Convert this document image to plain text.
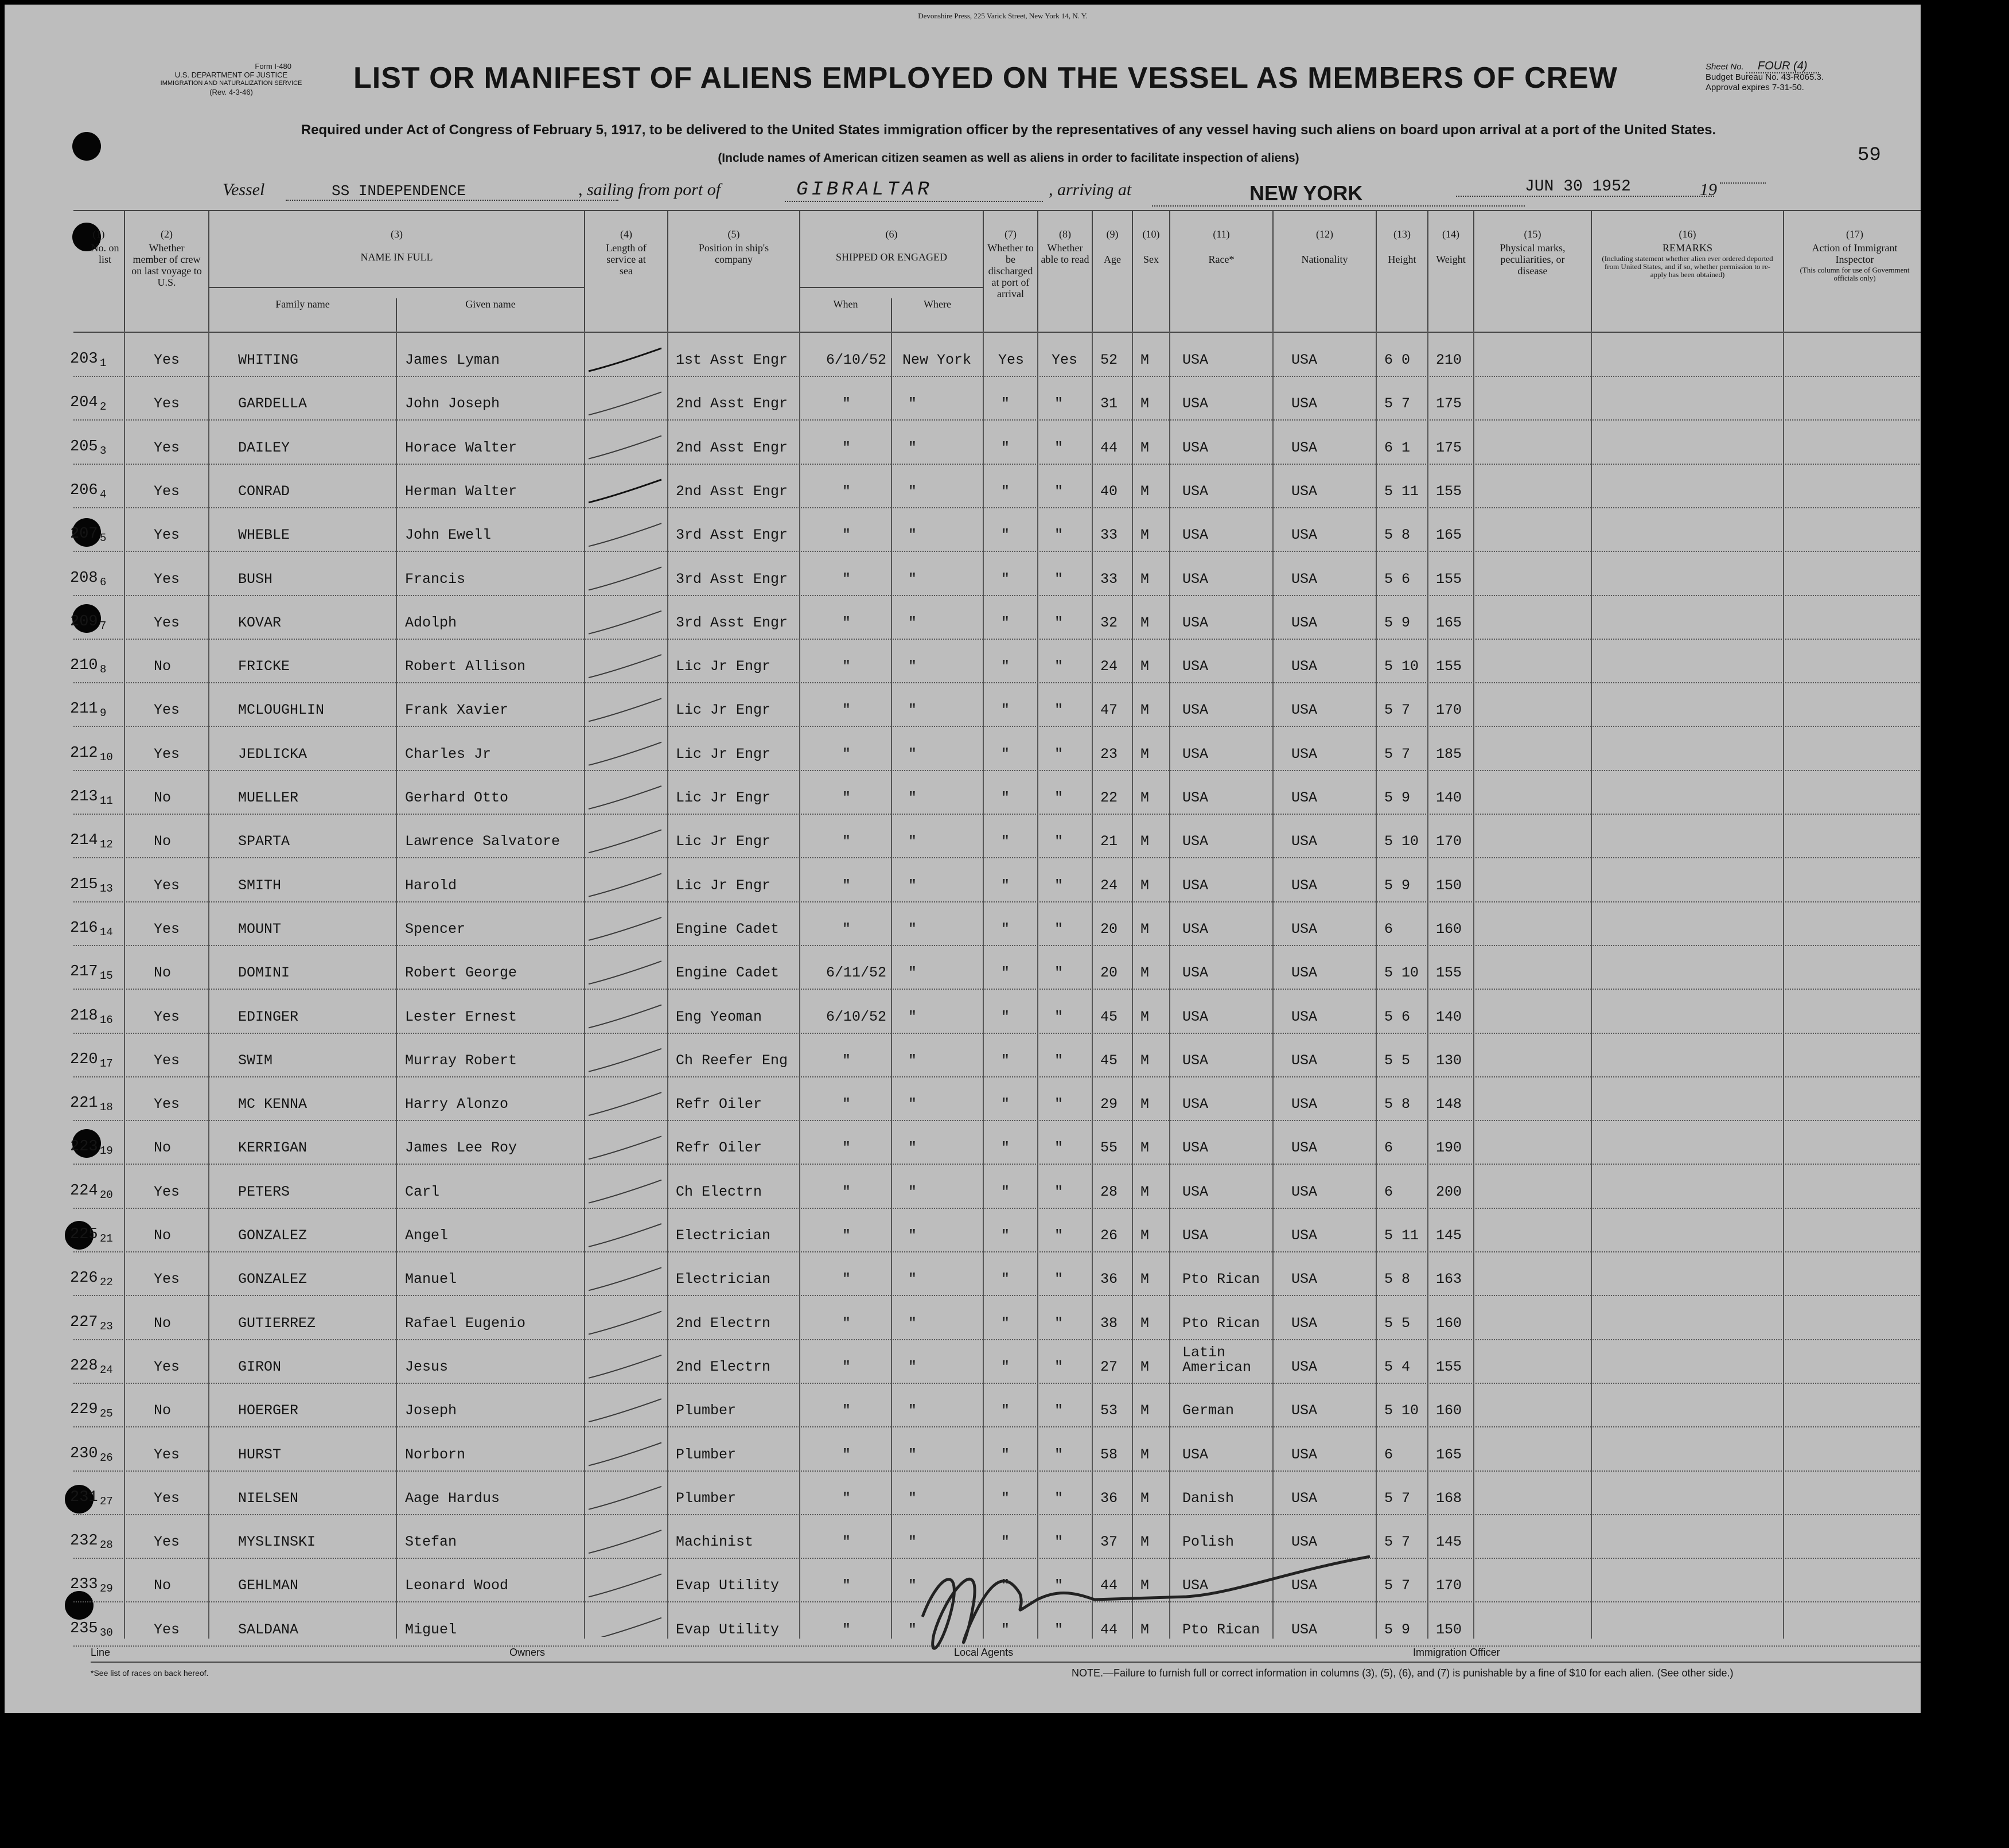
Form I-480
U.S. DEPARTMENT OF JUSTICE
IMMIGRATION AND NATURALIZATION SERVICE
(Rev. 4-3-46)
Devonshire Press, 225 Varick Street, New York 14, N. Y.
LIST OR MANIFEST OF ALIENS EMPLOYED ON THE VESSEL AS MEMBERS OF CREW
Required under Act of Congress of February 5, 1917, to be delivered to the United States immigration officer by the representatives of any vessel having such aliens on board upon arrival at a port of the United States.
(Include names of American citizen seamen as well as aliens in order to facilitate inspection of aliens)
Sheet No. FOUR (4)
Budget Bureau No. 43-R065.3.
Approval expires 7-31-50.
59
Vessel	SS INDEPENDENCE	, sailing from port of	GIBRALTAR	, arriving at	NEW YORK	JUN 30 1952	19
(1)
No. on list
(2)
Whether member of crew on last voyage to U.S.
(3)
NAME IN FULL
Family name	Given name
(4)
Length of service at sea
(5)
Position in ship's company
(6)
SHIPPED OR ENGAGED
When	Where
(7)
Whether to be discharged at port of arrival
(8)
Whether able to read
(9)
Age
(10)
Sex
(11)
Race*
(12)
Nationality
(13)
Height
(14)
Weight
(15)
Physical marks, peculiarities, or disease
(16)
REMARKS
(Including statement whether alien ever ordered deported from United States, and if so, whether permission to re-apply has been obtained)
(17)
Action of Immigrant Inspector
(This column for use of Government officials only)
203 1	Yes	WHITING	James Lyman	1st Asst Engr	6/10/52 New York Yes Yes 52 M USA	USA	6 0 210
204 2	Yes	GARDELLA	John Joseph	2nd Asst Engr	"	"	"	"	31 M USA	USA	5 7 175
205 3	Yes	DAILEY	Horace Walter	2nd Asst Engr	"	"	"	"	44 M USA	USA	6 1 175
206 4	Yes	CONRAD	Herman Walter	2nd Asst Engr	"	"	"	"	40 M USA	USA	5 11 155
207 5	Yes	WHEBLE	John Ewell	3rd Asst Engr	"	"	"	"	33 M USA	USA	5 8 165
208 6	Yes	BUSH	Francis	3rd Asst Engr	"	"	"	"	33 M USA	USA	5 6 155
209 7	Yes	KOVAR	Adolph	3rd Asst Engr	"	"	"	"	32 M USA	USA	5 9 165
210 8	No	FRICKE	Robert Allison	Lic Jr Engr	"	"	"	"	24 M USA	USA	5 10 155
211 9	Yes	MCLOUGHLIN	Frank Xavier	Lic Jr Engr	"	"	"	"	47 M USA	USA	5 7 170
212 10	Yes	JEDLICKA	Charles Jr	Lic Jr Engr	"	"	"	"	23 M USA	USA	5 7 185
213 11	No	MUELLER	Gerhard Otto	Lic Jr Engr	"	"	"	"	22 M USA	USA	5 9 140
214 12	No	SPARTA	Lawrence Salvatore	Lic Jr Engr	"	"	"	"	21 M USA	USA	5 10 170
215 13	Yes	SMITH	Harold	Lic Jr Engr	"	"	"	"	24 M USA	USA	5 9 150
216 14	Yes	MOUNT	Spencer	Engine Cadet	"	"	"	"	20 M USA	USA	6	160
217 15	No	DOMINI	Robert George	Engine Cadet	6/11/52 "	"	"	20 M USA	USA	5 10 155
218 16	Yes	EDINGER	Lester Ernest	Eng Yeoman	6/10/52 "	"	"	45 M USA	USA	5 6 140
220 17	Yes	SWIM	Murray Robert	Ch Reefer Eng	"	"	"	"	45 M USA	USA	5 5 130
221 18	Yes	MC KENNA	Harry Alonzo	Refr Oiler	"	"	"	"	29 M USA	USA	5 8 148
223 19	No	KERRIGAN	James Lee Roy	Refr Oiler	"	"	"	"	55 M USA	USA	6	190
224 20	Yes	PETERS	Carl	Ch Electrn	"	"	"	"	28 M USA	USA	6	200
225 21	No	GONZALEZ	Angel	Electrician	"	"	"	"	26 M USA	USA	5 11 145
226 22	Yes	GONZALEZ	Manuel	Electrician	"	"	"	"	36 M Pto Rican USA	5 8 163
227 23	No	GUTIERREZ	Rafael Eugenio	2nd Electrn	"	"	"	"	38 M Pto Rican USA	5 5 160
228 24	Yes	GIRON	Jesus	2nd Electrn	"	"	"	"	27 M
Latin American	USA	5 4 155
229 25	No	HOERGER	Joseph	Plumber	"	"	"	"	53 M German	USA	5 10 160
230 26	Yes	HURST	Norborn	Plumber	"	"	"	"	58 M USA	USA	6	165
231 27	Yes	NIELSEN	Aage Hardus	Plumber	"	"	"	"	36 M Danish	USA	5 7 168
232 28	Yes	MYSLINSKI	Stefan	Machinist	"	"	"	"	37 M Polish	USA	5 7 145
233 29	No	GEHLMAN	Leonard Wood	Evap Utility	"	"	"	"	44 M USA	USA	5 7 170
235 30	Yes	SALDANA	Miguel	Evap Utility	"	"	"	"	44 M Pto Rican USA	5 9 150
Line	Owners	Local Agents	Immigration Officer
*See list of races on back hereof.	NOTE.—Failure to furnish full or correct information in columns (3), (5), (6), and (7) is punishable by a fine of $10 for each alien. (See other side.)
